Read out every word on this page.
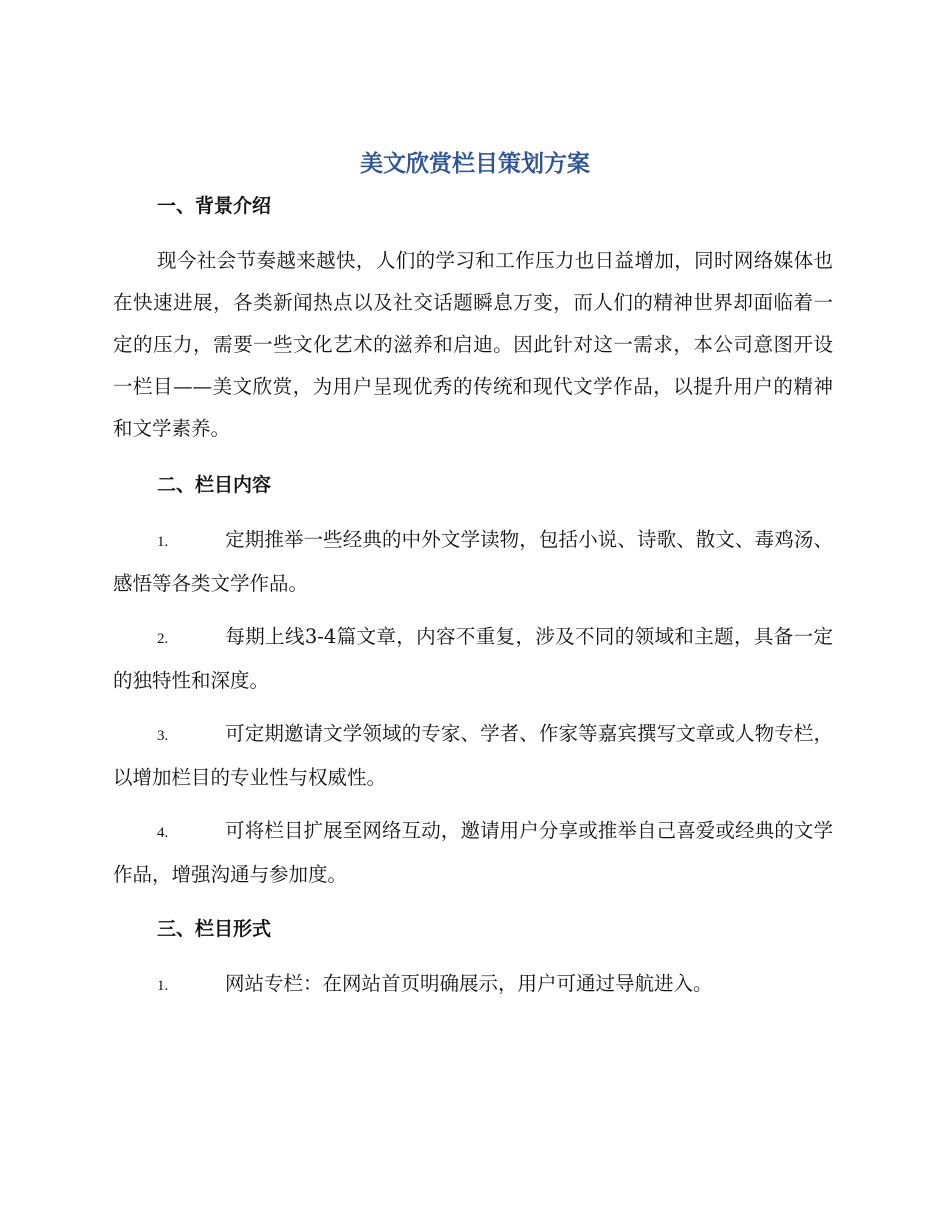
美文欣赏栏目策划方案
一、背景介绍
现今社会节奏越来越快，人们的学习和工作压力也日益增加，同时网络媒体也在快速进展，各类新闻热点以及社交话题瞬息万变，而人们的精神世界却面临着一定的压力，需要一些文化艺术的滋养和启迪。因此针对这一需求，本公司意图开设一栏目——美文欣赏，为用户呈现优秀的传统和现代文学作品，以提升用户的精神和文学素养。
二、栏目内容
1.	定期推举一些经典的中外文学读物，包括小说、诗歌、散文、毒鸡汤、感悟等各类文学作品。
2.	每期上线3-4篇文章，内容不重复，涉及不同的领域和主题，具备一定的独特性和深度。
3.	可定期邀请文学领域的专家、学者、作家等嘉宾撰写文章或人物专栏，以增加栏目的专业性与权威性。
4.	可将栏目扩展至网络互动，邀请用户分享或推举自己喜爱或经典的文学作品，增强沟通与参加度。
三、栏目形式
1.	网站专栏：在网站首页明确展示，用户可通过导航进入。
